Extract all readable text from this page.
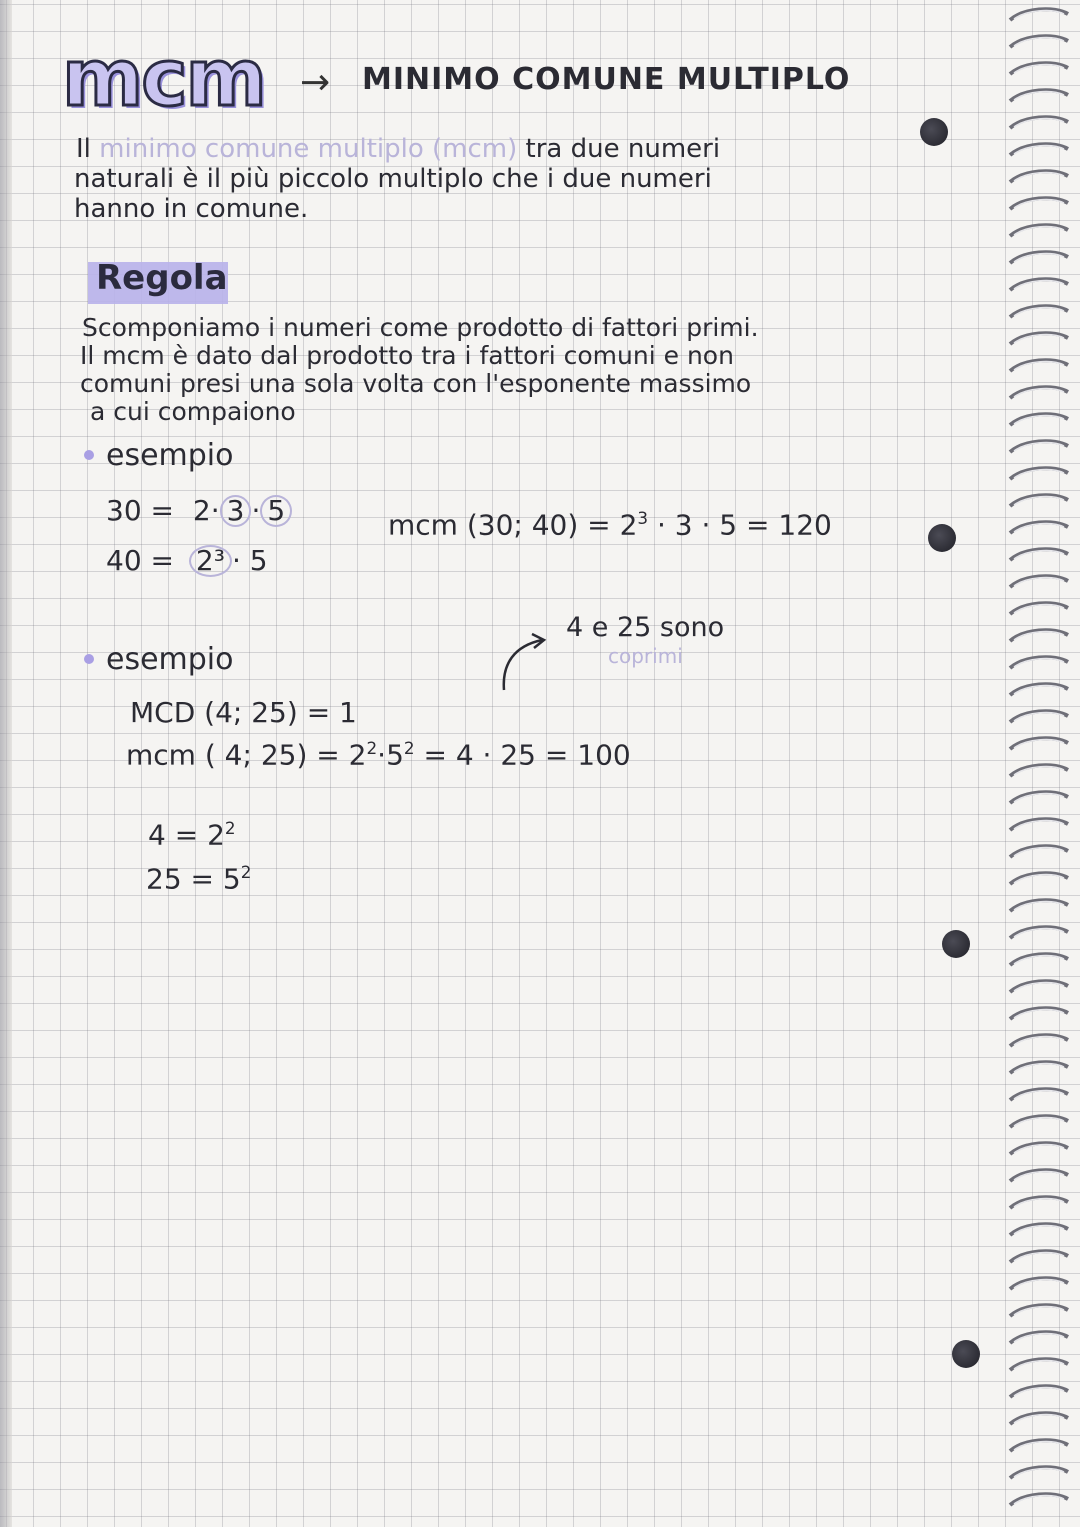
mcm → MINIMO COMUNE MULTIPLO
Il minimo comune multiplo (mcm) tra due numeri
naturali è il più piccolo multiplo che i due numeri
hanno in comune.
Regola
Scomponiamo i numeri come prodotto di fattori primi.
Il mcm è dato dal prodotto tra i fattori comuni e non
comuni presi una sola volta con l'esponente massimo
a cui compaiono
esempio
30 = 2· 3 · 5
40 = 2³ · 5
mcm (30; $40) = 2^3 \cdot 3 \cdot 5 = 120$
4 e 25 sono
coprimi
esempio
MCD (4; 25) = 1
mcm ( 4; $25) = 2^2\cdot 5^2 = 4 \cdot 25 = 100$
$4 = 2^2$
$25 = 5^2$
